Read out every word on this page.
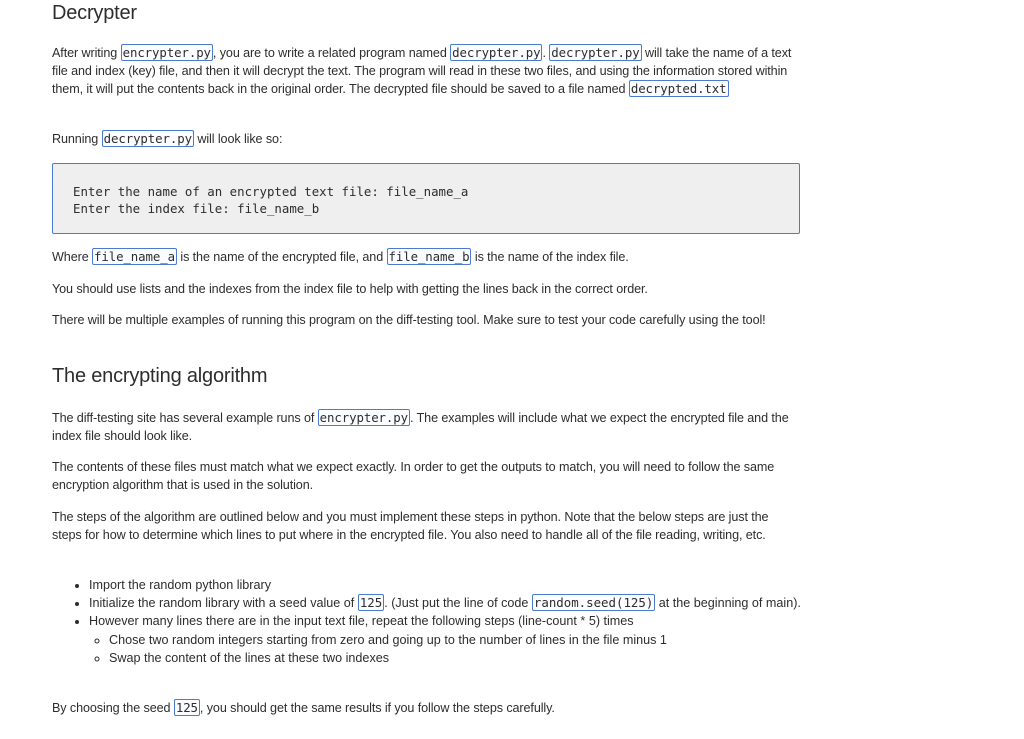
Decrypter

After writing encrypter.py , you are to write a related program named decrypter.py . decrypter.py will take the name of a text file and index (key) file, and then it will decrypt the text. The program will read in these two files, and using the information stored within them, it will put the contents back in the original order. The decrypted file should be saved to a file named decrypted.txt

Running decrypter.py will look like so:

Enter the name of an encrypted text file: file_name_a
Enter the index file: file_name_b

Where file_name_a is the name of the encrypted file, and file_name_b is the name of the index file.

You should use lists and the indexes from the index file to help with getting the lines back in the correct order.

There will be multiple examples of running this program on the diff-testing tool. Make sure to test your code carefully using the tool!

The encrypting algorithm

The diff-testing site has several example runs of encrypter.py . The examples will include what we expect the encrypted file and the index file should look like.

The contents of these files must match what we expect exactly. In order to get the outputs to match, you will need to follow the same encryption algorithm that is used in the solution.

The steps of the algorithm are outlined below and you must implement these steps in python. Note that the below steps are just the steps for how to determine which lines to put where in the encrypted file. You also need to handle all of the file reading, writing, etc.

• Import the random python library
• Initialize the random library with a seed value of 125 . (Just put the line of code random.seed(125) at the beginning of main).
• However many lines there are in the input text file, repeat the following steps (line-count * 5) times
◦ Chose two random integers starting from zero and going up to the number of lines in the file minus 1
◦ Swap the content of the lines at these two indexes

By choosing the seed 125 , you should get the same results if you follow the steps carefully.
